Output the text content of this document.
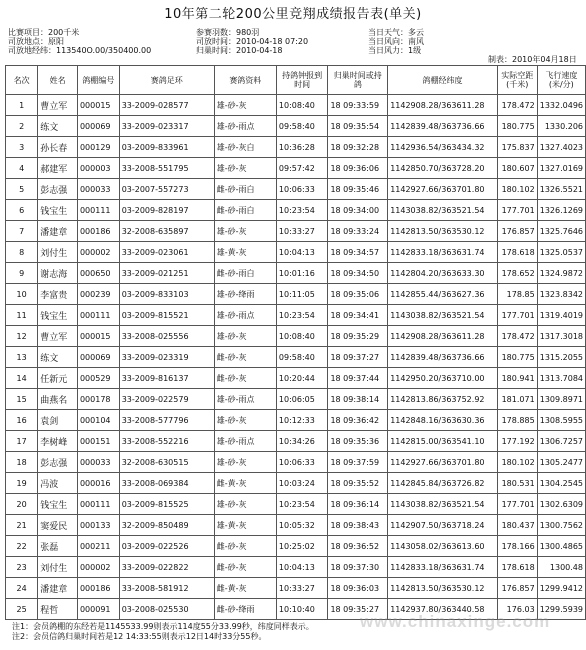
10年第二轮200公里竞翔成绩报告表(单关)
比赛项目：200千米
司放地点：原阳
司放地经纬：113540O.00/350400.00
参赛羽数：980羽
司放时间：2010-04-18 07:20
归巢时间：2010-04-18
当日天气：多云
当日风向：南风
当日风力：1级
制表：2010年04月18日
名次	姓名	鸽棚编号	赛鸽足环	赛鸽资料	持鸽钟报到时间	归巢时间或持鸽	鸽棚经纬度	实际空距(千米)	飞行速度(米/分)
1	曹立军	000015	33-2009-028577	雄-砂-灰	10:08:40	18 09:33:59	1142908.28/363611.28	178.472	1332.0496
2	练文	000069	33-2009-023317	雄-砂-雨点	09:58:40	18 09:35:54	1142839.48/363736.66	180.775	1330.206
3	孙长春	000129	03-2009-833961	雄-砂-灰白	10:36:28	18 09:32:28	1142936.54/363434.32	175.837	1327.4023
4	郝建军	000003	33-2008-551795	雄-砂-灰	09:57:42	18 09:36:06	1142850.70/363728.20	180.607	1327.0169
5	彭志强	000033	03-2007-557273	雌-砂-雨白	10:06:33	18 09:35:46	1142927.66/363701.80	180.102	1326.5521
6	钱宝生	000111	03-2009-828197	雌-砂-雨白	10:23:54	18 09:34:00	1143038.82/363521.54	177.701	1326.1269
7	潘建章	000186	32-2008-635897	雄-砂-灰	10:33:27	18 09:33:24	1142813.50/363530.12	176.857	1325.7646
8	刘付生	000002	33-2009-023061	雄-黄-灰	10:04:13	18 09:34:57	1142833.18/363631.74	178.618	1325.0537
9	谢志海	000650	33-2009-021251	雌-砂-雨白	10:01:16	18 09:34:50	1142804.20/363633.30	178.652	1324.9872
10	李富贵	000239	03-2009-833103	雄-砂-绛雨	10:11:05	18 09:35:06	1142855.44/363627.36	178.85	1323.8342
11	钱宝生	000111	03-2009-815521	雄-砂-雨点	10:23:54	18 09:34:41	1143038.82/363521.54	177.701	1319.4019
12	曹立军	000015	33-2008-025556	雄-砂-灰	10:08:40	18 09:35:29	1142908.28/363611.28	178.472	1317.3018
13	练文	000069	33-2009-023319	雌-砂-灰	09:58:40	18 09:37:27	1142839.48/363736.66	180.775	1315.2055
14	任新元	000529	33-2009-816137	雌-砂-灰	10:20:44	18 09:37:44	1142950.20/363710.00	180.941	1313.7084
15	曲燕名	000178	33-2009-022579	雄-砂-雨点	10:06:05	18 09:38:14	1142813.86/363752.92	181.071	1309.8971
16	袁剑	000104	33-2008-577796	雄-砂-灰	10:12:33	18 09:36:42	1142848.16/363630.36	178.885	1308.5955
17	李树峰	000151	33-2008-552216	雄-砂-雨点	10:34:26	18 09:35:36	1142815.00/363541.10	177.192	1306.7257
18	彭志强	000033	32-2008-630515	雄-砂-灰	10:06:33	18 09:37:59	1142927.66/363701.80	180.102	1305.2477
19	冯波	000016	33-2008-069384	雌-黄-灰	10:03:24	18 09:35:52	1142845.84/363726.82	180.531	1304.2545
20	钱宝生	000111	03-2009-815525	雄-砂-灰	10:23:54	18 09:36:14	1143038.82/363521.54	177.701	1302.6309
21	窦爱民	000133	32-2009-850489	雄-黄-灰	10:05:32	18 09:38:43	1142907.50/363718.24	180.437	1300.7562
22	张磊	000211	03-2009-022526	雌-砂-灰	10:25:02	18 09:36:52	1143058.02/363613.60	178.166	1300.4865
23	刘付生	000002	33-2009-022822	雌-砂-灰	10:04:13	18 09:37:30	1142833.18/363631.74	178.618	1300.48
24	潘建章	000186	33-2008-581912	雌-黄-灰	10:33:27	18 09:36:03	1142813.50/363530.12	176.857	1299.9412
25	程哲	000091	03-2008-025530	雌-砂-绛雨	10:10:40	18 09:35:27	1142937.80/363440.58	176.03	1299.5939
注1：会员鸽棚的东经若是1145533.99则表示114度55分33.99秒，纬度同样表示。
注2：会员信鸽归巢时间若是12 14:33:55则表示12日14时33分55秒。
www.chinaxinge.com
